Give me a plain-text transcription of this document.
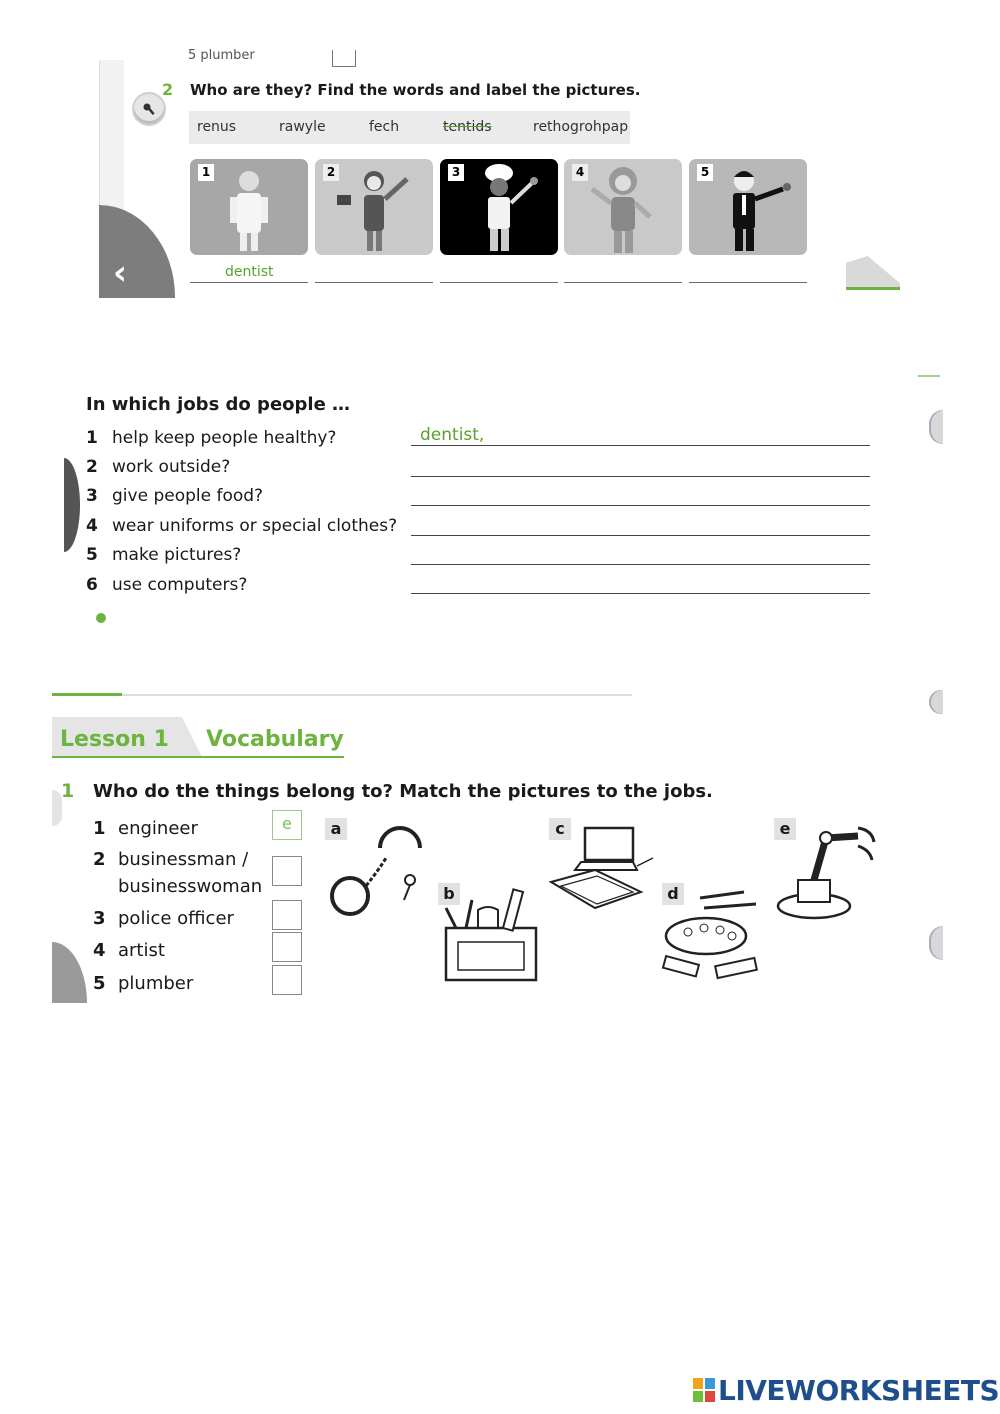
‹
5 plumber
2 Who are they? Find the words and label the pictures.
renus	rawyle	fech	tentids	rethogrohpap
1	2	3	4	5
dentist
In which jobs do people …
1 help keep people healthy?	dentist,
2 work outside?
3 give people food?
4 wear uniforms or special clothes?
5 make pictures?
6 use computers?
Lesson 1 Vocabulary
1 Who do the things belong to? Match the pictures to the jobs.
1 engineer	e
2 businessman /
businesswoman
3 police officer
4 artist
5 plumber
a
b
c
d
e
LIVEWORKSHEETS
